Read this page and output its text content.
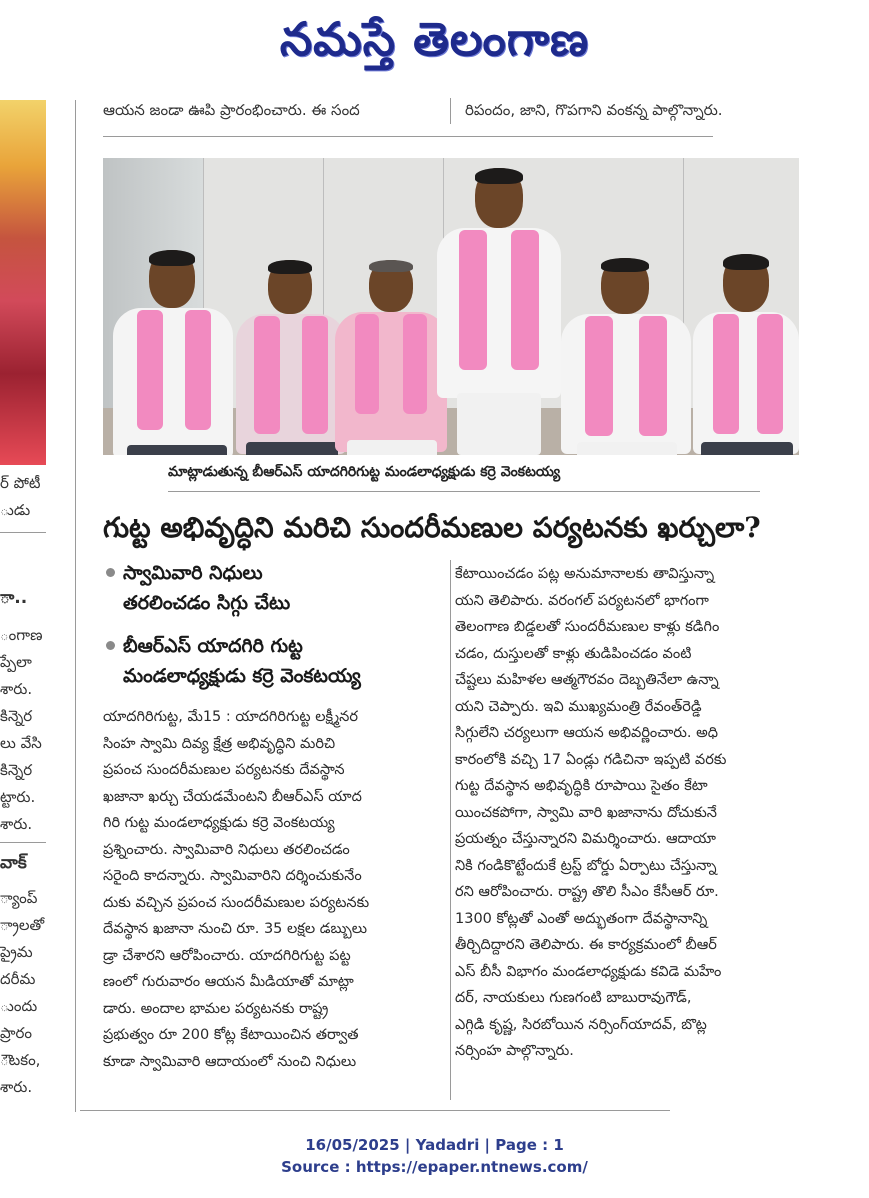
నమస్తే తెలంగాణ
ర్ పోటీ
ుడు
ా..
ంగాణ
ప్పేలా
శారు.
కిన్నెర
లు వేసి
కిన్నెర
ట్టారు.
శారు.
వాక్
్యాంప్
్రాలతో
ప్రైమ
దరీమ
ుందు
ప్రారం
ౌటకం,
శారు.
ఆయన జండా ఊపి ప్రారంభించారు. ఈ సంద	రిపందం, జాని, గొపగాని వంకన్న పాల్గొన్నారు.
మాట్లాడుతున్న బీఆర్ఎస్ యాదగిరిగుట్ట మండలాధ్యక్షుడు కర్రె వెంకటయ్య
గుట్ట అభివృద్ధిని మరిచి సుందరీమణుల పర్యటనకు ఖర్చులా?
స్వామివారి నిధులు
తరలించడం సిగ్గు చేటు
బీఆర్ఎస్ యాదగిరి గుట్ట
మండలాధ్యక్షుడు కర్రె వెంకటయ్య
యాదగిరిగుట్ట, మే15 : యాదగిరిగుట్ట లక్ష్మీనర
సింహ స్వామి దివ్య క్షేత్ర అభివృద్ధిని మరిచి
ప్రపంచ సుందరీమణుల పర్యటనకు దేవస్థాన
ఖజానా ఖర్చు చేయడమేంటని బీఆర్ఎస్ యాద
గిరి గుట్ట మండలాధ్యక్షుడు కర్రె వెంకటయ్య
ప్రశ్నించారు. స్వామివారి నిధులు తరలించడం
సరైంది కాదన్నారు. స్వామివారిని దర్శించుకునేం
దుకు వచ్చిన ప్రపంచ సుందరీమణుల పర్యటనకు
దేవస్థాన ఖజానా నుంచి రూ. 35 లక్షల డబ్బులు
డ్రా చేశారని ఆరోపించారు. యాదగిరిగుట్ట పట్ట
ణంలో గురువారం ఆయన మీడియాతో మాట్లా
డారు. అందాల భామల పర్యటనకు రాష్ట్ర
ప్రభుత్వం రూ 200 కోట్ల కేటాయించిన తర్వాత
కూడా స్వామివారి ఆదాయంలో నుంచి నిధులు
కేటాయించడం పట్ల అనుమానాలకు తావిస్తున్నా
యని తెలిపారు. వరంగల్ పర్యటనలో భాగంగా
తెలంగాణ బిడ్డలతో సుందరీమణుల కాళ్లు కడిగిం
చడం, దుస్తులతో కాళ్లు తుడిపించడం వంటి
చేష్టలు మహిళల ఆత్మగౌరవం దెబ్బతినేలా ఉన్నా
యని చెప్పారు. ఇవి ముఖ్యమంత్రి రేవంత్‌రెడ్డి
సిగ్గులేని చర్యలుగా ఆయన అభివర్ణించారు. అధి
కారంలోకి వచ్చి 17 ఏండ్లు గడిచినా ఇప్పటి వరకు
గుట్ట దేవస్థాన అభివృద్ధికి రూపాయి సైతం కేటా
యించకపోగా, స్వామి వారి ఖజానాను దోచుకునే
ప్రయత్నం చేస్తున్నారని విమర్శించారు. ఆదాయా
నికి గండికొట్టేందుకే ట్రస్ట్ బోర్డు ఏర్పాటు చేస్తున్నా
రని ఆరోపించారు. రాష్ట్ర తొలి సీఎం కేసీఆర్ రూ.
1300 కోట్లతో ఎంతో అద్భుతంగా దేవస్థానాన్ని
తీర్చిదిద్దారని తెలిపారు. ఈ కార్యక్రమంలో బీఆర్
ఎస్ బీసీ విభాగం మండలాధ్యక్షుడు కవిడె మహేం
దర్, నాయకులు గుణగంటి బాబురావుగౌడ్,
ఎగ్గిడి కృష్ణ, సిరబోయిన నర్సింగ్‌యాదవ్, బొట్ల
నర్సింహ పాల్గొన్నారు.
16/05/2025 | Yadadri | Page : 1
Source : https://epaper.ntnews.com/
